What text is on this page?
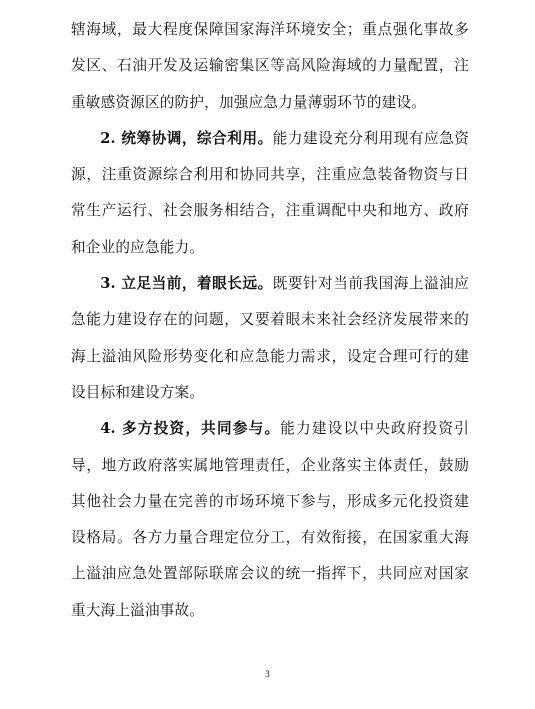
辖海域，最大程度保障国家海洋环境安全；重点强化事故多发区、石油开发及运输密集区等高风险海域的力量配置，注重敏感资源区的防护，加强应急力量薄弱环节的建设。

2. 统筹协调，综合利用。能力建设充分利用现有应急资源，注重资源综合利用和协同共享，注重应急装备物资与日常生产运行、社会服务相结合，注重调配中央和地方、政府和企业的应急能力。

3. 立足当前，着眼长远。既要针对当前我国海上溢油应急能力建设存在的问题，又要着眼未来社会经济发展带来的海上溢油风险形势变化和应急能力需求，设定合理可行的建设目标和建设方案。

4. 多方投资，共同参与。能力建设以中央政府投资引导，地方政府落实属地管理责任，企业落实主体责任，鼓励其他社会力量在完善的市场环境下参与，形成多元化投资建设格局。各方力量合理定位分工，有效衔接，在国家重大海上溢油应急处置部际联席会议的统一指挥下，共同应对国家重大海上溢油事故。

3
